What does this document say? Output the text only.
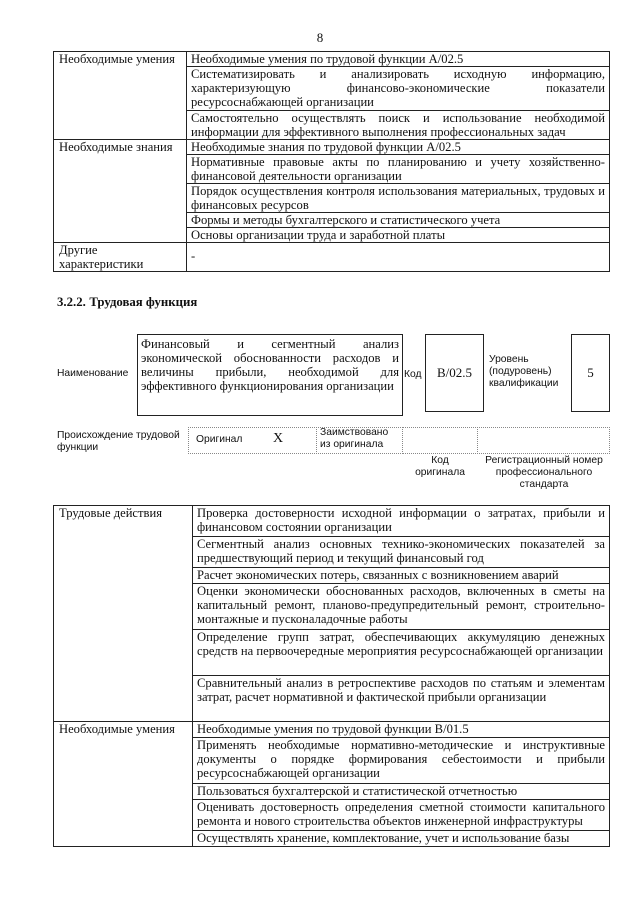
8
Необходимые умения	Необходимые умения по трудовой функции А/02.5
	Систематизировать и анализировать исходную информацию, характеризующую финансово-экономические показатели ресурсоснабжающей организации
	Самостоятельно осуществлять поиск и использование необходимой информации для эффективного выполнения профессиональных задач
Необходимые знания	Необходимые знания по трудовой функции А/02.5
	Нормативные правовые акты по планированию и учету хозяйственно-финансовой деятельности организации
	Порядок осуществления контроля использования материальных, трудовых и финансовых ресурсов
	Формы и методы бухгалтерского и статистического учета
	Основы организации труда и заработной платы
Другие характеристики	-
3.2.2. Трудовая функция
Наименование
Финансовый и сегментный анализ экономической обоснованности расходов и величины прибыли, необходимой для эффективного функционирования организации
Код	B/02.5
Уровень (подуровень) квалификации
5
Происхождение трудовой функции
Оригинал X	Заимствовано из оригинала
Код оригинала
Регистрационный номер профессионального стандарта
Трудовые действия	Проверка достоверности исходной информации о затратах, прибыли и финансовом состоянии организации
	Сегментный анализ основных технико-экономических показателей за предшествующий период и текущий финансовый год
	Расчет экономических потерь, связанных с возникновением аварий
	Оценки экономически обоснованных расходов, включенных в сметы на капитальный ремонт, планово-предупредительный ремонт, строительно-монтажные и пусконаладочные работы
	Определение групп затрат, обеспечивающих аккумуляцию денежных средств на первоочередные мероприятия ресурсоснабжающей организации
	Сравнительный анализ в ретроспективе расходов по статьям и элементам затрат, расчет нормативной и фактической прибыли организации
Необходимые умения	Необходимые умения по трудовой функции В/01.5
	Применять необходимые нормативно-методические и инструктивные документы о порядке формирования себестоимости и прибыли ресурсоснабжающей организации
	Пользоваться бухгалтерской и статистической отчетностью
	Оценивать достоверность определения сметной стоимости капитального ремонта и нового строительства объектов инженерной инфраструктуры
	Осуществлять хранение, комплектование, учет и использование базы
